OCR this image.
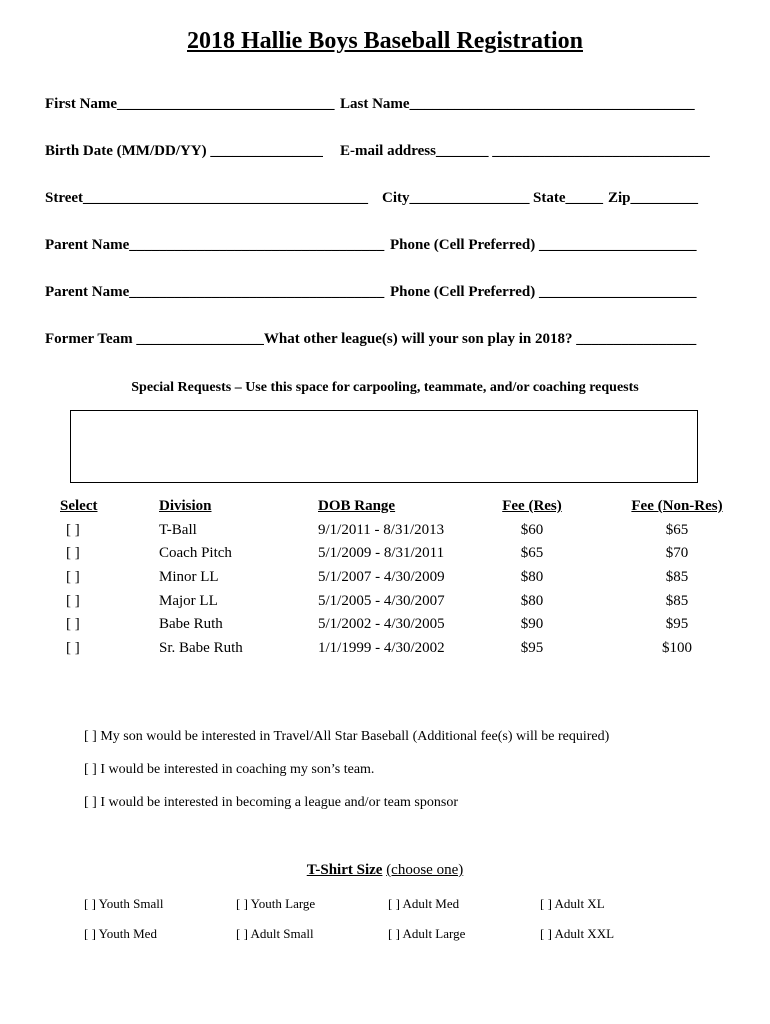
2018 Hallie Boys Baseball Registration
First Name_____________________________ Last Name______________________________________
Birth Date (MM/DD/YY) _______________ E-mail address_______ _____________________________
Street______________________________________ City________________ State_____ Zip_________
Parent Name__________________________________ Phone (Cell Preferred) _____________________
Parent Name__________________________________ Phone (Cell Preferred) _____________________
Former Team _________________What other league(s) will your son play in 2018? ________________
Special Requests – Use this space for carpooling, teammate, and/or coaching requests
Select	Division	DOB Range	Fee (Res)	Fee (Non-Res)
[ ]	T-Ball	9/1/2011 - 8/31/2013	$60	$65
[ ]	Coach Pitch	5/1/2009 - 8/31/2011	$65	$70
[ ]	Minor LL	5/1/2007 - 4/30/2009	$80	$85
[ ]	Major LL	5/1/2005 - 4/30/2007	$80	$85
[ ]	Babe Ruth	5/1/2002 - 4/30/2005	$90	$95
[ ]	Sr. Babe Ruth	1/1/1999 - 4/30/2002	$95	$100
[ ] My son would be interested in Travel/All Star Baseball (Additional fee(s) will be required)
[ ] I would be interested in coaching my son’s team.
[ ] I would be interested in becoming a league and/or team sponsor
T-Shirt Size (choose one)
[ ] Youth Small	[ ] Youth Large	[ ] Adult Med	[ ] Adult XL
[ ] Youth Med	[ ] Adult Small	[ ] Adult Large	[ ] Adult XXL
